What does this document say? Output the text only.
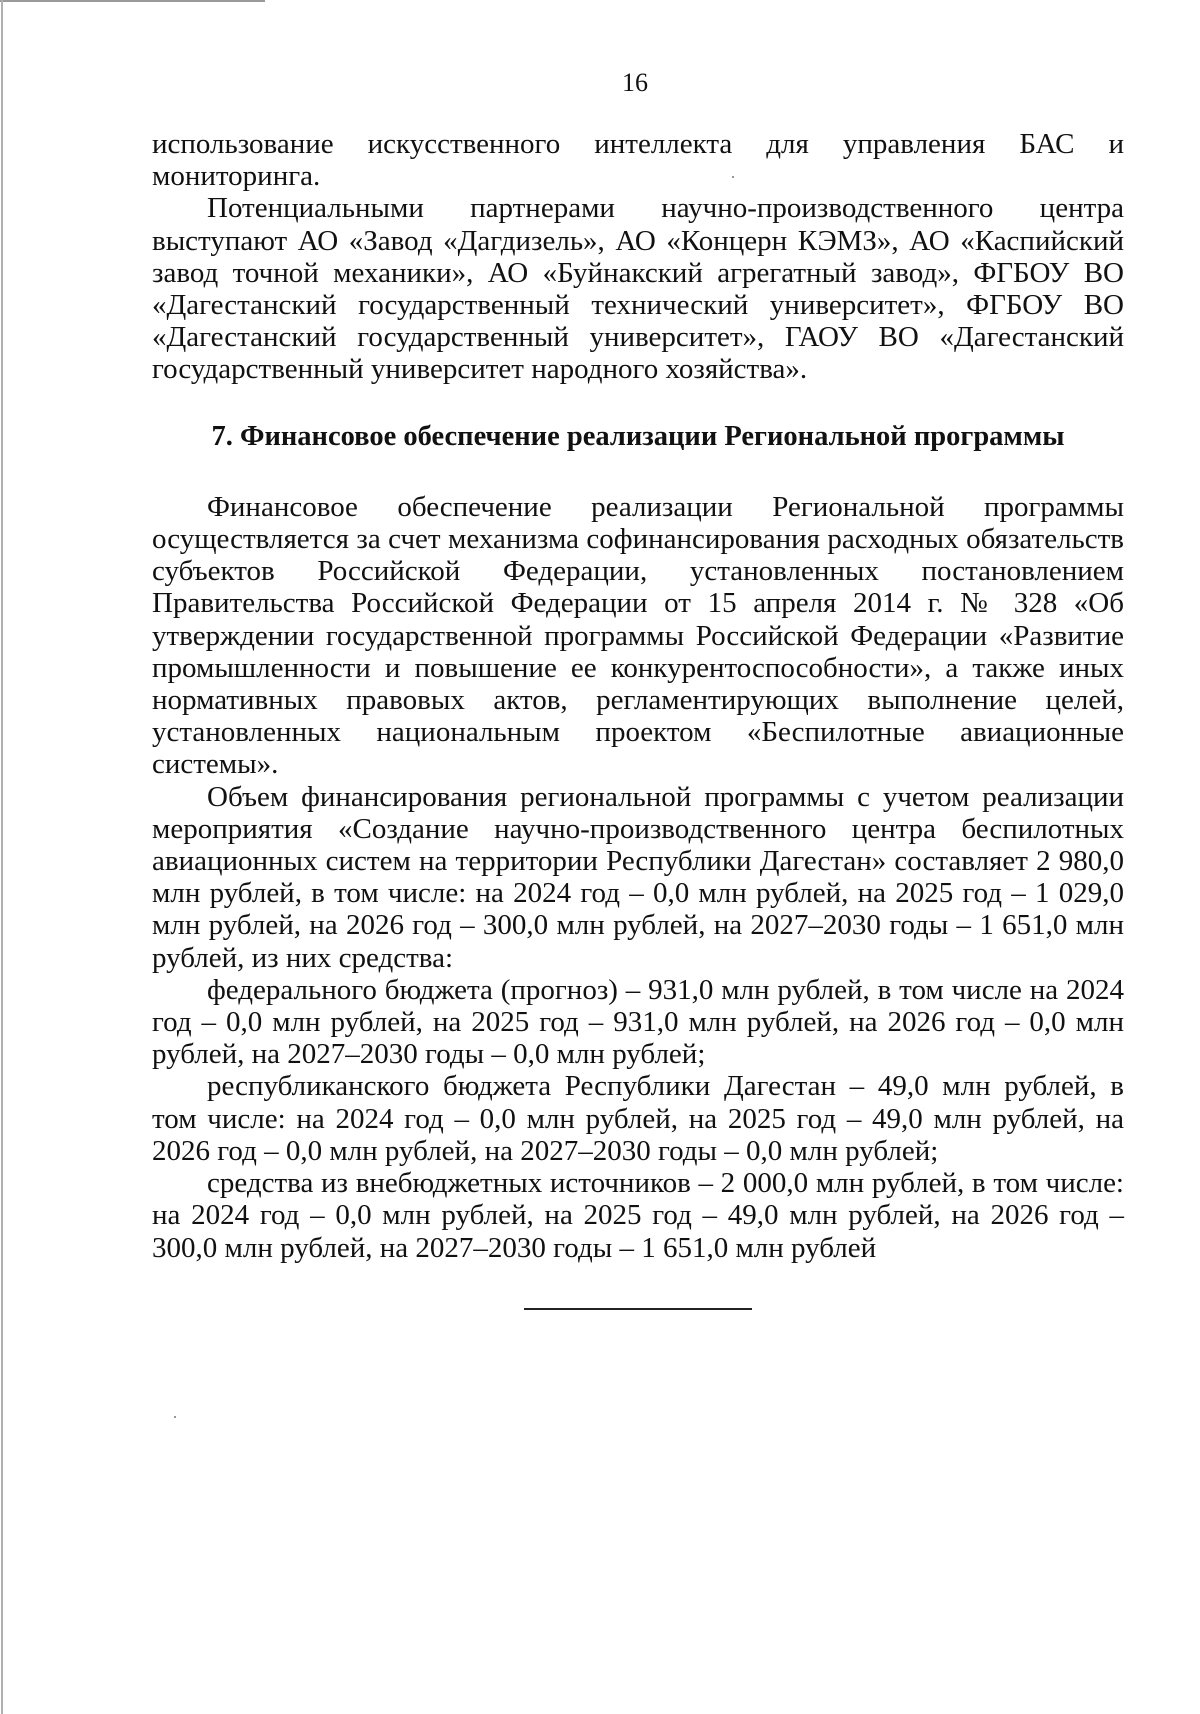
16

использование искусственного интеллекта для управления БАС и мониторинга.

Потенциальными партнерами научно-производственного центра выступают АО «Завод «Дагдизель», АО «Концерн КЭМЗ», АО «Каспийский завод точной механики», АО «Буйнакский агрегатный завод», ФГБОУ ВО «Дагестанский государственный технический университет», ФГБОУ ВО «Дагестанский государственный университет», ГАОУ ВО «Дагестанский государственный университет народного хозяйства».

7. Финансовое обеспечение реализации Региональной программы

Финансовое обеспечение реализации Региональной программы осуществляется за счет механизма софинансирования расходных обязательств субъектов Российской Федерации, установленных постановлением Правительства Российской Федерации от 15 апреля 2014 г. № 328 «Об утверждении государственной программы Российской Федерации «Развитие промышленности и повышение ее конкурентоспособности», а также иных нормативных правовых актов, регламентирующих выполнение целей, установленных национальным проектом «Беспилотные авиационные системы».

Объем финансирования региональной программы с учетом реализации мероприятия «Создание научно-производственного центра беспилотных авиационных систем на территории Республики Дагестан» составляет 2 980,0 млн рублей, в том числе: на 2024 год – 0,0 млн рублей, на 2025 год – 1 029,0 млн рублей, на 2026 год – 300,0 млн рублей, на 2027–2030 годы – 1 651,0 млн рублей, из них средства:

федерального бюджета (прогноз) – 931,0 млн рублей, в том числе на 2024 год – 0,0 млн рублей, на 2025 год – 931,0 млн рублей, на 2026 год – 0,0 млн рублей, на 2027–2030 годы – 0,0 млн рублей;

республиканского бюджета Республики Дагестан – 49,0 млн рублей, в том числе: на 2024 год – 0,0 млн рублей, на 2025 год – 49,0 млн рублей, на 2026 год – 0,0 млн рублей, на 2027–2030 годы – 0,0 млн рублей;

средства из внебюджетных источников – 2 000,0 млн рублей, в том числе: на 2024 год – 0,0 млн рублей, на 2025 год – 49,0 млн рублей, на 2026 год – 300,0 млн рублей, на 2027–2030 годы – 1 651,0 млн рублей
